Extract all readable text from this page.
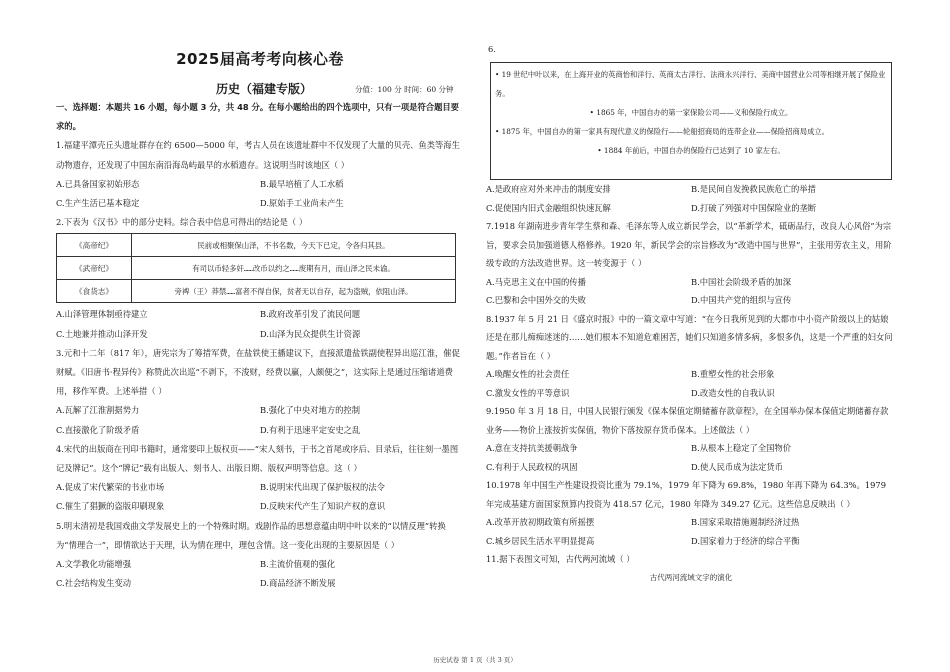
2025届高考考向核心卷
历史（福建专版）	分值：100 分 时间：60 分钟

一、选择题：本题共 16 小题，每小题 3 分，共 48 分。在每小题给出的四个选项中，只有一项是符合题目要求的。

1.福建平潭壳丘头遗址群存在约 6500—5000 年，考古人员在该遗址群中不仅发现了大量的贝壳、鱼类等海生动物遗存，还发现了中国东南沿海岛屿最早的水稻遗存。这说明当时该地区（ ）

A.已具备国家初始形态	B.最早培植了人工水稻
C.生产生活已基本稳定	D.原始手工业尚未产生

2.下表为《汉书》中的部分史料。综合表中信息可得出的结论是（ ）

《高帝纪》	民前或相聚保山泽，不书名数，今天下已定，令各归其县。
《武帝纪》	有司以币轻多奸……改币以约之……废期有月，而山泽之民未谕。
《食货志》	旁裨（王）莽禁……富者不得自保，贫者无以自存，起为盗贼，依阻山泽。
A.山泽管理体制亟待建立	B.政府改革引发了流民问题
C.土地兼并推动山泽开发	D.山泽为民众提供生计资源

3.元和十二年（817 年），唐宪宗为了筹措军费，在盐铁使王播建议下，直接派遣盐铁副使程异出巡江淮，催促财赋。《旧唐书·程异传》称赞此次出巡“不剥下，不浚财，经费以赢，人颇便之”，这实际上是通过压缩诸道费用，移作军费。上述举措（ ）

A.瓦解了江淮割据势力	B.强化了中央对地方的控制
C.直接激化了阶级矛盾	D.有利于迅速平定安史之乱

4.宋代的出版商在刊印书籍时，通常要印上版权页——“宋人刻书，于书之首尾或序后、目录后，往往刻一墨图记及牌记”。这个“牌记”载有出版人、刻书人、出版日期、版权声明等信息。这（ ）

A.促成了宋代繁荣的书业市场	B.说明宋代出现了保护版权的法令
C.催生了猖獗的盗版印刷现象	D.反映宋代产生了知识产权的意识

5.明末清初是我国戏曲文学发展史上的一个特殊时期。戏剧作品的思想意蕴由明中叶以来的“以情反理”转换为“情理合一”，即情欲达于天理，认为情在理中，理包含情。这一变化出现的主要原因是（ ）

A.文学教化功能增强	B.主流价值观的强化
C.社会结构发生变动	D.商品经济不断发展
6.

• 19 世纪中叶以来，在上海开业的英商怡和洋行、英商太古洋行、法商永兴洋行、美商中国营业公司等相继开展了保险业务。

• 1865 年，中国自办的第一家保险公司——义和保险行成立。

• 1875 年，中国自办的第一家具有现代意义的保险行——轮船招商局的连带企业——保险招商局成立。

• 1884 年前后，中国自办的保险行已达到了 10 家左右。

A.是政府应对外来冲击的制度安排	B.是民间自发挽救民族危亡的举措
C.促使国内旧式金融组织快速瓦解	D.打破了列强对中国保险业的垄断

7.1918 年湖南进步青年学生蔡和森、毛泽东等人成立新民学会，以“革新学术，砥砺品行，改良人心风俗”为宗旨，要求会员加强道德人格修养。1920 年，新民学会的宗旨修改为“改造中国与世界”，主张用劳农主义，用阶级专政的方法改造世界。这一转变源于（ ）

A.马克思主义在中国的传播	B.中国社会阶级矛盾的加深
C.巴黎和会中国外交的失败	D.中国共产党的组织与宣传

8.1937 年 5 月 21 日《盛京时报》中的一篇文章中写道：“在今日我所见到的大都市中小资产阶级以上的姑娘还是在那儿痴痴迷迷的……她们根本不知道危难困苦，她们只知道多情多病，多恨多仇，这是一个严重的妇女问题。”作者旨在（ ）

A.唤醒女性的社会责任	B.重塑女性的社会形象
C.激发女性的平等意识	D.改造女性的自我认识

9.1950 年 3 月 18 日，中国人民银行颁发《保本保值定期储蓄存款章程》，在全国举办保本保值定期储蓄存款业务——物价上涨按折实保值，物价下落按原存货币保本。上述做法（ ）

A.意在支持抗美援朝战争	B.从根本上稳定了全国物价
C.有利于人民政权的巩固	D.使人民币成为法定货币

10.1978 年中国生产性建设投资比重为 79.1%，1979 年下降为 69.8%，1980 年再下降为 64.3%。1979 年完成基建方面国家预算内投资为 418.57 亿元，1980 年降为 349.27 亿元。这些信息反映出（ ）

A.改革开放初期政策有所摇摆	B.国家采取措施遏制经济过热
C.城乡居民生活水平明显提高	D.国家着力于经济的综合平衡

11.据下表图文可知，古代两河流域（ ）

古代两河流域文字的演化

历史试卷 第 1 页（共 3 页）
